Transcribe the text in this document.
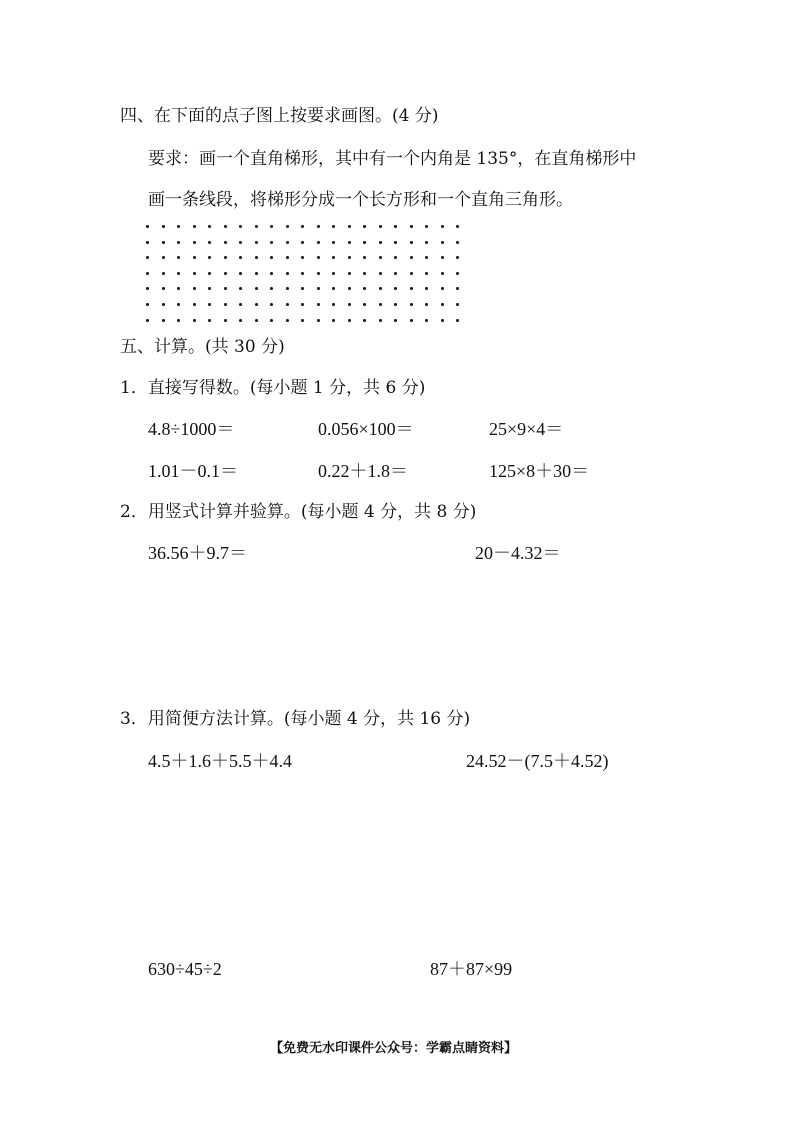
四、在下面的点子图上按要求画图。(4 分)
要求：画一个直角梯形，其中有一个内角是 135°，在直角梯形中
画一条线段，将梯形分成一个长方形和一个直角三角形。
五、计算。(共 30 分)
1．直接写得数。(每小题 1 分，共 6 分)
4.8÷1000＝	0.056×100＝	25×9×4＝
1.01－0.1＝	0.22＋1.8＝	125×8＋30＝
2．用竖式计算并验算。(每小题 4 分，共 8 分)
36.56＋9.7＝	20－4.32＝
3．用简便方法计算。(每小题 4 分，共 16 分)
4.5＋1.6＋5.5＋4.4	24.52－(7.5＋4.52)
630÷45÷2	87＋87×99
【免费无水印课件公众号：学霸点睛资料】
